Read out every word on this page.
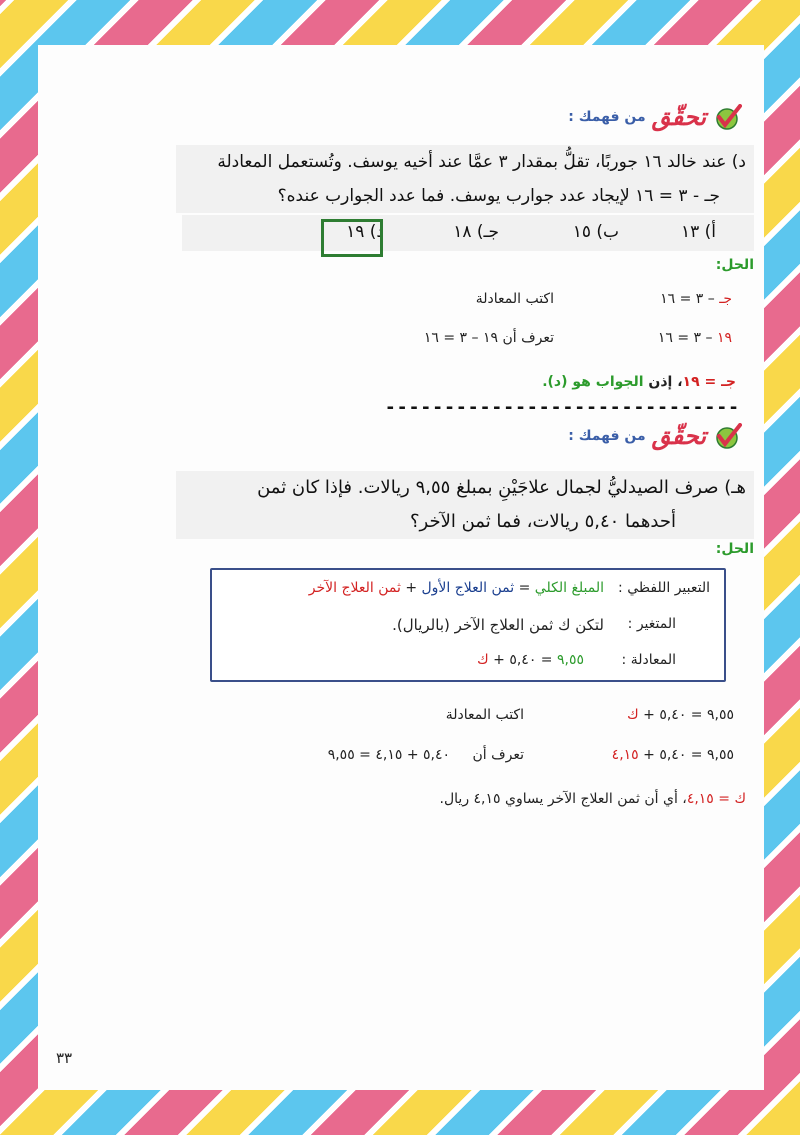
تحقّق
من فهمك :
د) عند خالد ١٦ جوربًا، تقلُّ بمقدار ٣ عمَّا عند أخيه يوسف. وتُستعمل المعادلة
جـ - ٣ = ١٦ لإيجاد عدد جوارب يوسف. فما عدد الجوارب عنده؟
أ) ١٣
ب) ١٥
جـ) ١٨
د) ١٩
الحل:
جـ – ٣ = ١٦
اكتب المعادلة
١٩ – ٣ = ١٦
تعرف أن ١٩ – ٣ = ١٦
جـ = ١٩، إذن الجواب هو (د).
------------------------------
تحقّق
من فهمك :
هـ) صرف الصيدليُّ لجمال علاجَيْنِ بمبلغ ٩,٥٥ ريالات. فإذا كان ثمن
أحدهما ٥,٤٠ ريالات، فما ثمن الآخر؟
الحل:
التعبير اللفظي :
المبلغ الكلي = ثمن العلاج الأول + ثمن العلاج الآخر
المتغير :
لتكن ك ثمن العلاج الآخر (بالريال).
المعادلة :
٩,٥٥ = ٥,٤٠ + ك
٩,٥٥ = ٥,٤٠ + ك
اكتب المعادلة
٩,٥٥ = ٥,٤٠ + ٤,١٥
تعرف أن ٥,٤٠ + ٤,١٥ = ٩,٥٥
ك = ٤,١٥، أي أن ثمن العلاج الآخر يساوي ٤,١٥ ريال.
٣٣
